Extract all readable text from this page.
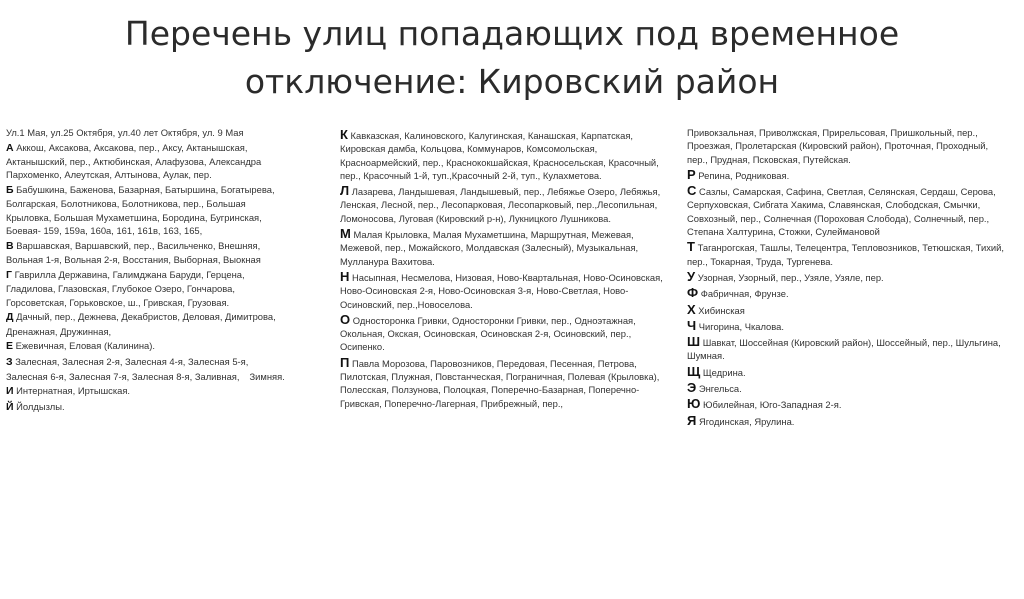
Перечень улиц попадающих под временное
отключение: Кировский район

Ул.1 Мая, ул.25 Октября, ул.40 лет Октября, ул. 9 Мая

А Аккош, Аксакова, Аксакова, пер., Аксу, Актанышская, Актанышский, пер., Актюбинская, Алафузова, Александра Пархоменко, Алеутская, Алтынова, Аулак, пер.

Б Бабушкина, Баженова, Базарная, Батыршина, Богатырева, Болгарская, Болотникова, Болотникова, пер., Большая Крыловка, Большая Мухаметшина, Бородина, Бугринская, Боевая- 159, 159а, 160а, 161, 161в, 163, 165,

В Варшавская, Варшавский, пер., Васильченко, Внешняя, Вольная 1-я, Вольная 2-я, Восстания, Выборная, Выокная

Г Гаврилла Державина, Галимджана Баруди, Герцена, Гладилова, Глазовская, Глубокое Озеро, Гончарова, Горсоветская, Горьковское, ш., Гривская, Грузовая.

Д Дачный, пер., Дежнева, Декабристов, Деловая, Димитрова, Дренажная, Дружинная,

Е Ежевичная, Еловая (Калинина).

З Залесная, Залесная 2-я, Залесная 4-я, Залесная 5-я, Залесная 6-я, Залесная 7-я, Залесная 8-я, Заливная, Зимняя.

И Интернатная, Иртышская.

Й Йолдызлы.

К Кавказская, Калиновского, Калугинская, Канашская, Карпатская, Кировская дамба, Кольцова, Коммунаров, Комсомольская, Красноармейский, пер., Краснококшайская, Красносельская, Красочный, пер., Красочный 1-й, туп.,Красочный 2-й, туп., Кулахметова.

Л Лазарева, Ландышевая, Ландышевый, пер., Лебяжье Озеро, Лебяжья, Ленская, Лесной, пер., Лесопарковая, Лесопарковый, пер.,Лесопильная, Ломоносова, Луговая (Кировский р-н), Лукницкого Лушникова.

М Малая Крыловка, Малая Мухаметшина, Маршрутная, Межевая, Межевой, пер., Можайского, Молдавская (Залесный), Музыкальная, Мулланура Вахитова.

Н Насыпная, Несмелова, Низовая, Ново-Квартальная, Ново-Осиновская, Ново-Осиновская 2-я, Ново-Осиновская 3-я, Ново-Светлая, Ново-Осиновский, пер.,Новоселова.

О Односторонка Гривки, Односторонки Гривки, пер., Одноэтажная, Окольная, Окская, Осиновская, Осиновская 2-я, Осиновский, пер., Осипенко.

П Павла Морозова, Паровозников, Передовая, Песенная, Петрова, Пилотская, Плужная, Повстанческая, Пограничная, Полевая (Крыловка), Полесская, Ползунова, Полоцкая, Поперечно-Базарная, Поперечно-Гривская, Поперечно-Лагерная, Прибрежный, пер.,

Привокзальная, Приволжская, Прирельсовая, Пришкольный, пер., Проезжая, Пролетарская (Кировский район), Проточная, Проходный, пер., Прудная, Псковская, Путейская.

Р Репина, Родниковая.

С Сазлы, Самарская, Сафина, Светлая, Селянская, Сердаш, Серова, Серпуховская, Сибгата Хакима, Славянская, Слободская, Смычки, Совхозный, пер., Солнечная (Пороховая Слобода), Солнечный, пер., Степана Халтурина, Стожки, Сулеймановой

Т Таганрогская, Ташлы, Телецентра, Тепловозников, Тетюшская, Тихий, пер., Токарная, Труда, Тургенева.

У Узорная, Узорный, пер., Узяле, Узяле, пер.

Ф Фабричная, Фрунзе.

Х Хибинская

Ч Чигорина, Чкалова.

Ш Шавкат, Шоссейная (Кировский район), Шоссейный, пер., Шульгина, Шумная.

Щ Щедрина.

Э Энгельса.

Ю Юбилейная, Юго-Западная 2-я.

Я Ягодинская, Ярулина.
